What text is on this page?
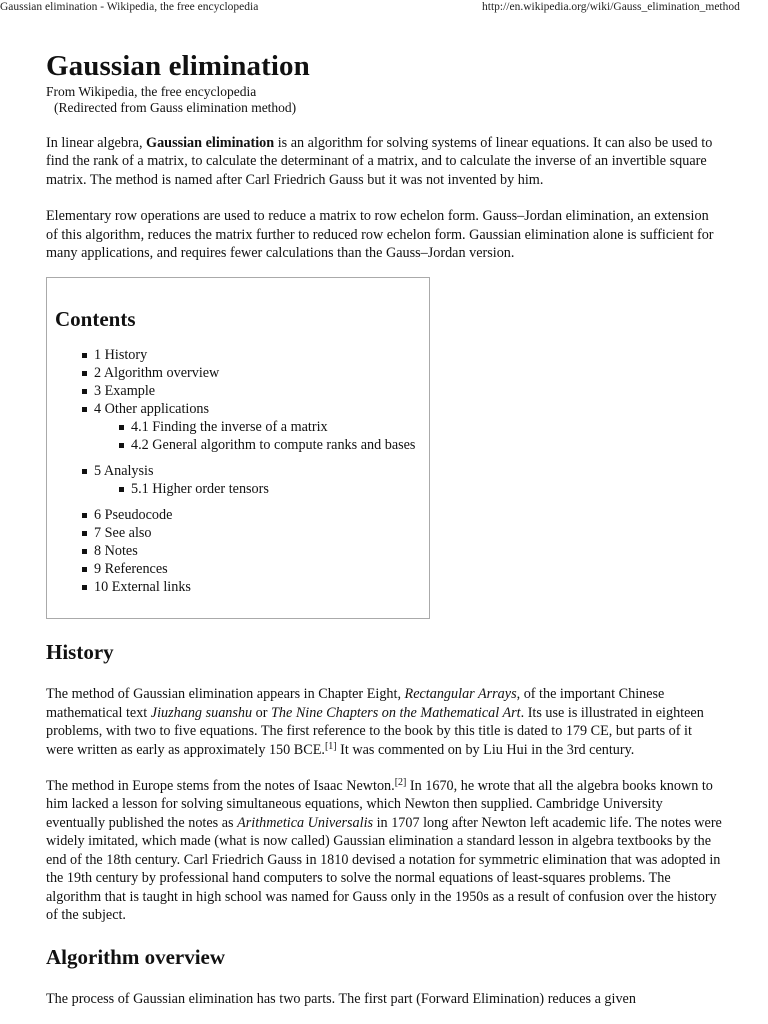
Gaussian elimination - Wikipedia, the free encyclopedia	http://en.wikipedia.org/wiki/Gauss_elimination_method
Gaussian elimination
From Wikipedia, the free encyclopedia
(Redirected from Gauss elimination method)

In linear algebra, Gaussian elimination is an algorithm for solving systems of linear equations. It can also be used to find the rank of a matrix, to calculate the determinant of a matrix, and to calculate the inverse of an invertible square matrix. The method is named after Carl Friedrich Gauss but it was not invented by him.

Elementary row operations are used to reduce a matrix to row echelon form. Gauss–Jordan elimination, an extension of this algorithm, reduces the matrix further to reduced row echelon form. Gaussian elimination alone is sufficient for many applications, and requires fewer calculations than the Gauss–Jordan version.

Contents
1 History
2 Algorithm overview
3 Example
4 Other applications
4.1 Finding the inverse of a matrix
4.2 General algorithm to compute ranks and bases
5 Analysis
5.1 Higher order tensors
6 Pseudocode
7 See also
8 Notes
9 References
10 External links
History

The method of Gaussian elimination appears in Chapter Eight, Rectangular Arrays, of the important Chinese mathematical text Jiuzhang suanshu or The Nine Chapters on the Mathematical Art. Its use is illustrated in eighteen problems, with two to five equations. The first reference to the book by this title is dated to 179 CE, but parts of it were written as early as approximately 150 BCE.[1] It was commented on by Liu Hui in the 3rd century.

The method in Europe stems from the notes of Isaac Newton.[2] In 1670, he wrote that all the algebra books known to him lacked a lesson for solving simultaneous equations, which Newton then supplied. Cambridge University eventually published the notes as Arithmetica Universalis in 1707 long after Newton left academic life. The notes were widely imitated, which made (what is now called) Gaussian elimination a standard lesson in algebra textbooks by the end of the 18th century. Carl Friedrich Gauss in 1810 devised a notation for symmetric elimination that was adopted in the 19th century by professional hand computers to solve the normal equations of least-squares problems. The algorithm that is taught in high school was named for Gauss only in the 1950s as a result of confusion over the history of the subject.

Algorithm overview

The process of Gaussian elimination has two parts. The first part (Forward Elimination) reduces a given
